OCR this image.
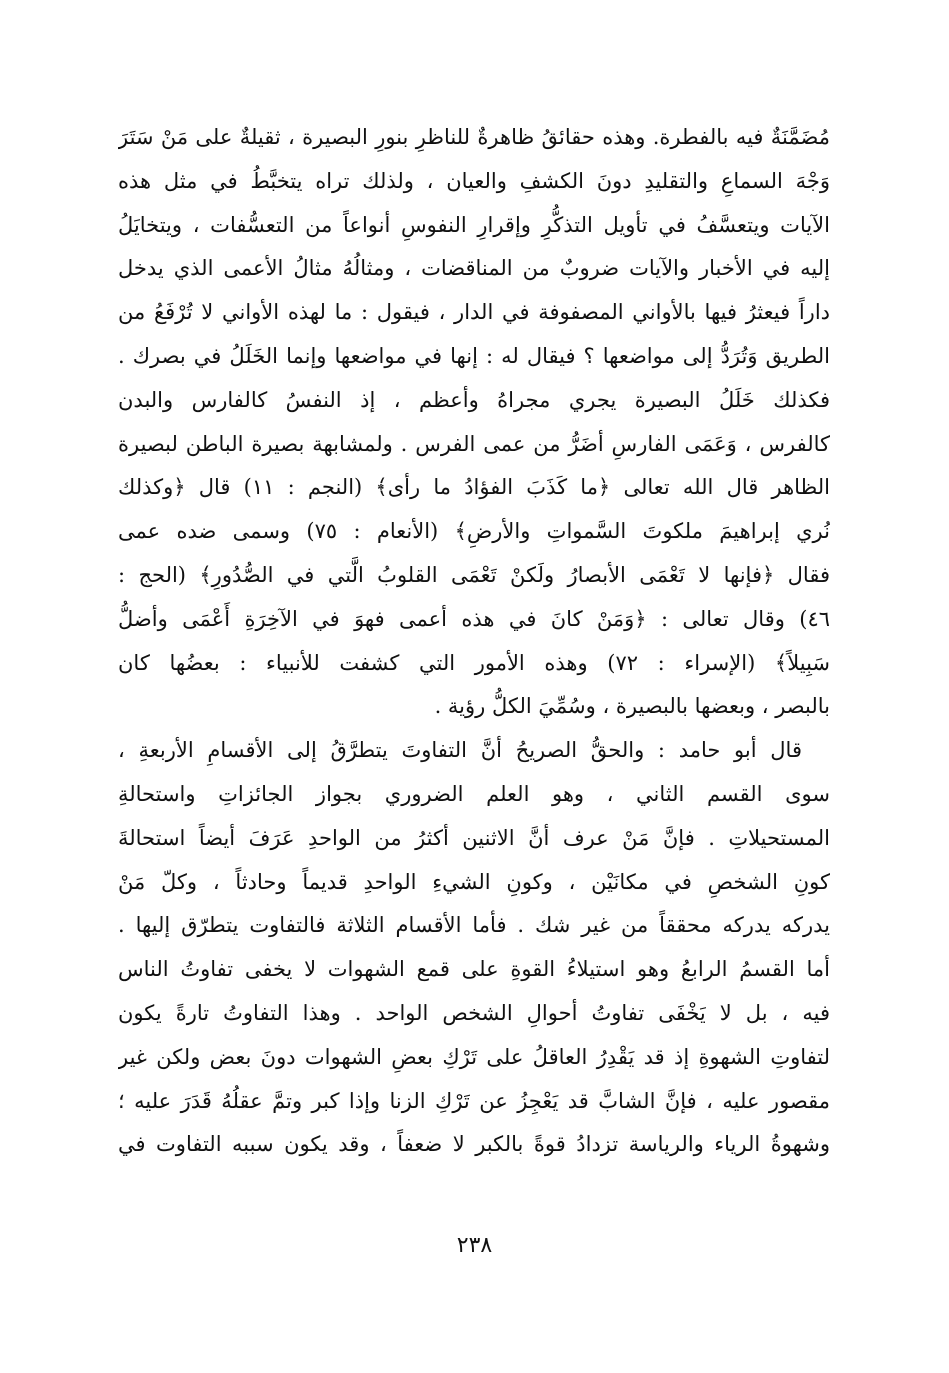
مُضَمَّنَةٌ فيه بالفطرة. وهذه حقائقُ ظاهرةٌ للناظرِ بنورِ البصيرة ، ثقيلةٌ على مَنْ سَتَرَ
وَجْهَ السماعِ والتقليدِ دونَ الكشفِ والعيان ، ولذلك تراه يتخبَّطُ في مثل هذه
الآيات ويتعسَّفُ في تأويل التذكُّرِ وإقرارِ النفوسِ أنواعاً من التعسُّفات ، ويتخايَلُ
إليه في الأخبار والآيات ضروبٌ من المناقضات ، ومثالُهُ مثالُ الأعمى الذي يدخل
داراً فيعثرُ فيها بالأواني المصفوفة في الدار ، فيقول : ما لهذه الأواني لا تُرْفَعُ من
الطريق وَتُرَدُّ إلى مواضعها ؟ فيقال له : إنها في مواضعها وإنما الخَلَلُ في بصرك .
فكذلك خَلَلُ البصيرة يجري مجراهُ وأعظم ، إذ النفسُ كالفارس والبدن
كالفرس ، وَعَمَى الفارسِ أضَرُّ من عمى الفرس . ولمشابهة بصيرة الباطن لبصيرة
الظاهر قال الله تعالى ﴿ما كَذَبَ الفؤادُ ما رأى﴾ (النجم : ١١) قال ﴿وكذلك
نُري إبراهيمَ ملكوتَ السَّمواتِ والأرضِ﴾ (الأنعام : ٧٥) وسمى ضده عمى
فقال ﴿فإنها لا تَعْمَى الأبصارُ ولَكنْ تَعْمَى القلوبُ الَّتي في الصُّدُورِ﴾ (الحج :
٤٦) وقال تعالى : ﴿وَمَنْ كانَ في هذه أعمى فهوَ في الآخِرَةِ أَعْمَى وأضلُّ
سَبِيلاً﴾ (الإسراء : ٧٢) وهذه الأمور التي كشفت للأنبياء : بعضُها كان
بالبصر ، وبعضها بالبصيرة ، وسُمِّيَ الكلُّ رؤية .
قال أبو حامد : والحقُّ الصريحُ أنَّ التفاوتَ يتطرَّقُ إلى الأقسامِ الأربعةِ ،
سوى القسم الثاني ، وهو العلم الضروري بجواز الجائزاتِ واستحالةِ
المستحيلاتِ . فإنَّ مَنْ عرف أنَّ الاثنين أكثرُ من الواحدِ عَرَفَ أيضاً استحالةَ
كونِ الشخصِ في مكانَيْن ، وكونِ الشيءِ الواحدِ قديماً وحادثاً ، وكلّ مَنْ
يدركه يدركه محققاً من غير شك . فأما الأقسام الثلاثة فالتفاوت يتطرّق إليها .
أما القسمُ الرابعُ وهو استيلاءُ القوةِ على قمع الشهوات لا يخفى تفاوتُ الناس
فيه ، بل لا يَخْفَى تفاوتُ أحوالِ الشخص الواحد . وهذا التفاوتُ تارةً يكون
لتفاوتِ الشهوةِ إذ قد يَقْدِرُ العاقلُ على تَرْكِ بعضِ الشهوات دونَ بعض ولكن غير
مقصور عليه ، فإنَّ الشابَّ قد يَعْجِزُ عن تَرْكِ الزنا وإذا كبر وتمَّ عقلُهُ قَدَرَ عليه ؛
وشهوةُ الرياء والرياسة تزدادُ قوةً بالكبر لا ضعفاً ، وقد يكون سببه التفاوت في
٢٣٨
